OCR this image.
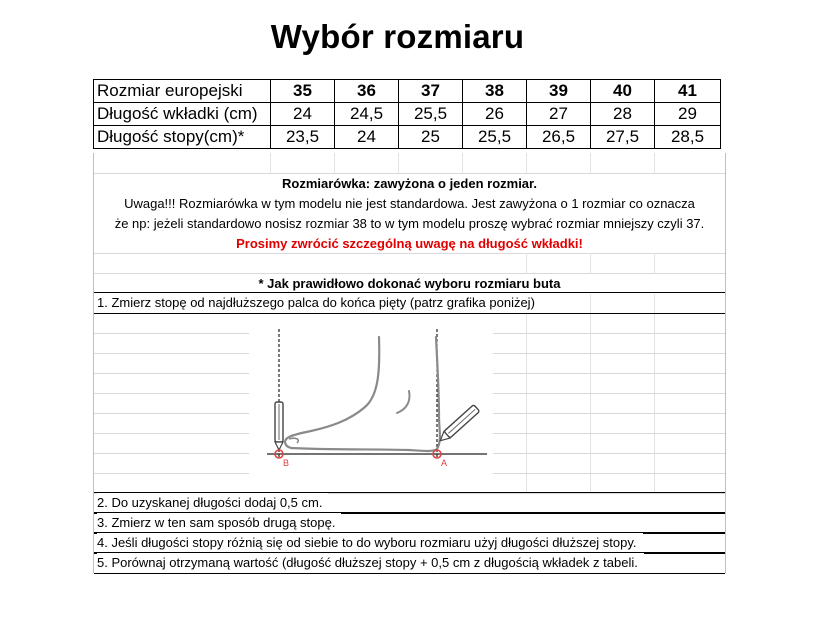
Wybór rozmiaru
Rozmiar europejski	35	36	37	38	39	40	41
Długość wkładki (cm)	24	24,5	25,5	26	27	28	29
Długość stopy(cm)*	23,5	24	25	25,5	26,5	27,5	28,5
Rozmiarówka: zawyżona o jeden rozmiar.
Uwaga!!! Rozmiarówka w tym modelu nie jest standardowa. Jest zawyżona o 1 rozmiar co oznacza
że np: jeżeli standardowo nosisz rozmiar 38 to w tym modelu proszę wybrać rozmiar mniejszy czyli 37.
Prosimy zwrócić szczególną uwagę na długość wkładki!
* Jak prawidłowo dokonać wyboru rozmiaru buta
1. Zmierz stopę od najdłuższego palca do końca pięty (patrz grafika poniżej)
B	A
2. Do uzyskanej długości dodaj 0,5 cm.
3. Zmierz w ten sam sposób drugą stopę.
4. Jeśli długości stopy różnią się od siebie to do wyboru rozmiaru użyj długości dłuższej stopy.
5. Porównaj otrzymaną wartość (długość dłuższej stopy + 0,5 cm z długością wkładek z tabeli.
